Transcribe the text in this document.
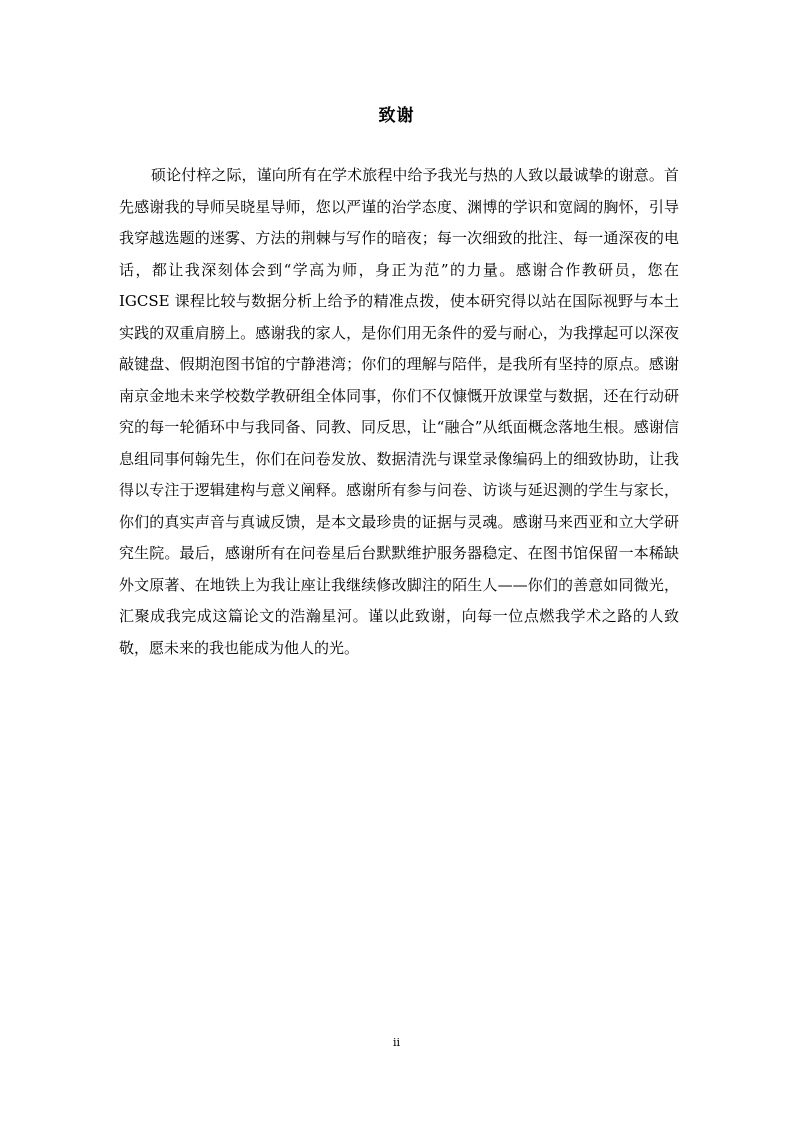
致谢

硕论付梓之际，谨向所有在学术旅程中给予我光与热的人致以最诚挚的谢意。首先感谢我的导师吴晓星导师，您以严谨的治学态度、渊博的学识和宽阔的胸怀，引导我穿越选题的迷雾、方法的荆棘与写作的暗夜；每一次细致的批注、每一通深夜的电话，都让我深刻体会到“学高为师，身正为范”的力量。感谢合作教研员，您在 IGCSE 课程比较与数据分析上给予的精准点拨，使本研究得以站在国际视野与本土实践的双重肩膀上。感谢我的家人，是你们用无条件的爱与耐心，为我撑起可以深夜敲键盘、假期泡图书馆的宁静港湾；你们的理解与陪伴，是我所有坚持的原点。感谢南京金地未来学校数学教研组全体同事，你们不仅慷慨开放课堂与数据，还在行动研究的每一轮循环中与我同备、同教、同反思，让“融合”从纸面概念落地生根。感谢信息组同事何翰先生，你们在问卷发放、数据清洗与课堂录像编码上的细致协助，让我得以专注于逻辑建构与意义阐释。感谢所有参与问卷、访谈与延迟测的学生与家长，你们的真实声音与真诚反馈，是本文最珍贵的证据与灵魂。感谢马来西亚和立大学研究生院。最后，感谢所有在问卷星后台默默维护服务器稳定、在图书馆保留一本稀缺外文原著、在地铁上为我让座让我继续修改脚注的陌生人——你们的善意如同微光，汇聚成我完成这篇论文的浩瀚星河。谨以此致谢，向每一位点燃我学术之路的人致敬，愿未来的我也能成为他人的光。

ii
